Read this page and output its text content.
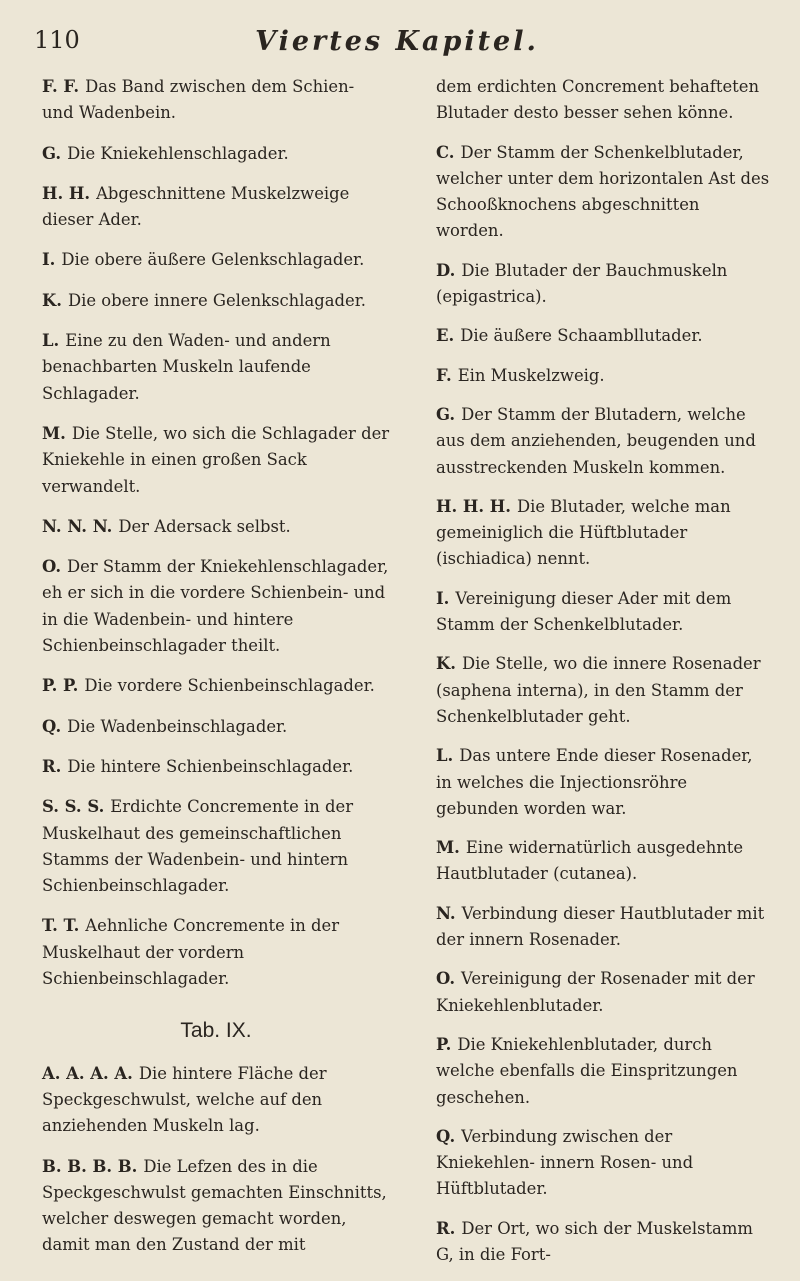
110	Viertes Kapitel.
F. F. Das Band zwischen dem Schien- und Wadenbein.
G. Die Kniekehlenschlagader.
H. H. Abgeschnittene Muskelzweige dieser Ader.
I. Die obere äußere Gelenkschlagader.
K. Die obere innere Gelenkschlagader.
L. Eine zu den Waden- und andern benachbarten Muskeln laufende Schlagader.
M. Die Stelle, wo sich die Schlagader der Kniekehle in einen großen Sack verwandelt.
N. N. N. Der Adersack selbst.
O. Der Stamm der Kniekehlenschlagader, eh er sich in die vordere Schienbein- und in die Wadenbein- und hintere Schienbeinschlagader theilt.
P. P. Die vordere Schienbeinschlagader.
Q. Die Wadenbeinschlagader.
R. Die hintere Schienbeinschlagader.
S. S. S. Erdichte Concremente in der Muskelhaut des gemeinschaftlichen Stamms der Wadenbein- und hintern Schienbeinschlagader.
T. T. Aehnliche Concremente in der Muskelhaut der vordern Schienbeinschlagader.
Tab. IX.
A. A. A. A. Die hintere Fläche der Speckgeschwulst, welche auf den anziehenden Muskeln lag.
B. B. B. B. Die Lefzen des in die Speckgeschwulst gemachten Einschnitts, welcher deswegen gemacht worden, damit man den Zustand der mit
dem erdichten Concrement behafteten Blutader desto besser sehen könne.
C. Der Stamm der Schenkelblutader, welcher unter dem horizontalen Ast des Schooßknochens abgeschnitten worden.
D. Die Blutader der Bauchmuskeln (epigastrica).
E. Die äußere Schaambllutader.
F. Ein Muskelzweig.
G. Der Stamm der Blutadern, welche aus dem anziehenden, beugenden und ausstreckenden Muskeln kommen.
H. H. H. Die Blutader, welche man gemeiniglich die Hüftblutader (ischiadica) nennt.
I. Vereinigung dieser Ader mit dem Stamm der Schenkelblutader.
K. Die Stelle, wo die innere Rosenader (saphena interna), in den Stamm der Schenkelblutader geht.
L. Das untere Ende dieser Rosenader, in welches die Injectionsröhre gebunden worden war.
M. Eine widernatürlich ausgedehnte Hautblutader (cutanea).
N. Verbindung dieser Hautblutader mit der innern Rosenader.
O. Vereinigung der Rosenader mit der Kniekehlenblutader.
P. Die Kniekehlenblutader, durch welche ebenfalls die Einspritzungen geschehen.
Q. Verbindung zwischen der Kniekehlen- innern Rosen- und Hüftblutader.
R. Der Ort, wo sich der Muskelstamm G, in die Fort-
